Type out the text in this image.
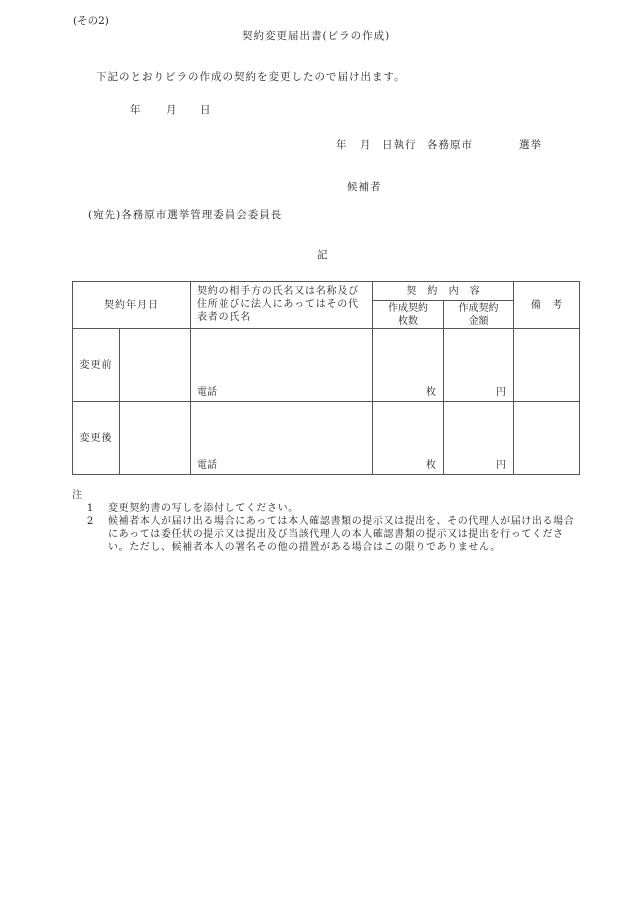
(その2)
契約変更届出書(ビラの作成)
下記のとおりビラの作成の契約を変更したので届け出ます。
年 月 日
年 月 日執行 各務原市	選挙
候補者
(宛先)各務原市選挙管理委員会委員長
記
契約年月日		契約の相手方の氏名又は名称及び住所並びに法人にあってはその代表者の氏名	契 約 内 容		備 考
			作成契約枚数	作成契約金額	
変更前		電話	枚	円	

変更後		電話	枚	円	

注
1	変更契約書の写しを添付してください。
2	候補者本人が届け出る場合にあっては本人確認書類の提示又は提出を、その代理人が届け出る場合にあっては委任状の提示又は提出及び当該代理人の本人確認書類の提示又は提出を行ってください。ただし、候補者本人の署名その他の措置がある場合はこの限りでありません。
